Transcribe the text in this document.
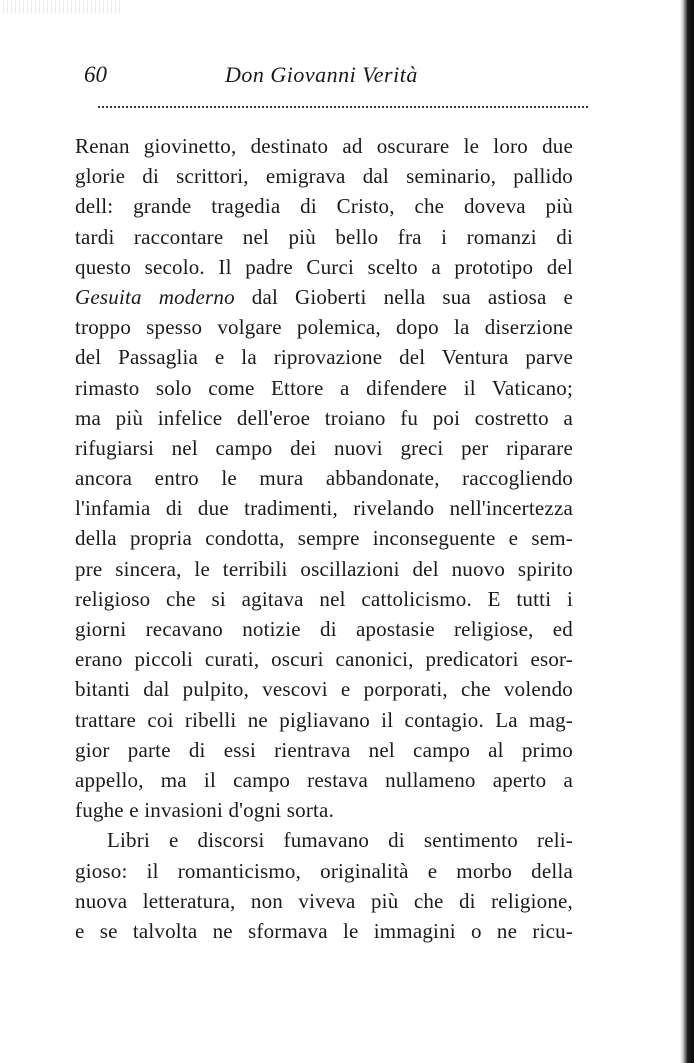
60	Don Giovanni Verità
Renan giovinetto, destinato ad oscurare le loro due
glorie di scrittori, emigrava dal seminario, pallido
dell: grande tragedia di Cristo, che doveva più
tardi raccontare nel più bello fra i romanzi di
questo secolo. Il padre Curci scelto a prototipo del
Gesuita moderno dal Gioberti nella sua astiosa e
troppo spesso volgare polemica, dopo la diserzione
del Passaglia e la riprovazione del Ventura parve
rimasto solo come Ettore a difendere il Vaticano;
ma più infelice dell'eroe troiano fu poi costretto a
rifugiarsi nel campo dei nuovi greci per riparare
ancora entro le mura abbandonate, raccogliendo
l'infamia di due tradimenti, rivelando nell'incertezza
della propria condotta, sempre inconseguente e sem-
pre sincera, le terribili oscillazioni del nuovo spirito
religioso che si agitava nel cattolicismo. E tutti i
giorni recavano notizie di apostasie religiose, ed
erano piccoli curati, oscuri canonici, predicatori esor-
bitanti dal pulpito, vescovi e porporati, che volendo
trattare coi ribelli ne pigliavano il contagio. La mag-
gior parte di essi rientrava nel campo al primo
appello, ma il campo restava nullameno aperto a
fughe e invasioni d'ogni sorta.
Libri e discorsi fumavano di sentimento reli-
gioso: il romanticismo, originalità e morbo della
nuova letteratura, non viveva più che di religione,
e se talvolta ne sformava le immagini o ne ricu-
